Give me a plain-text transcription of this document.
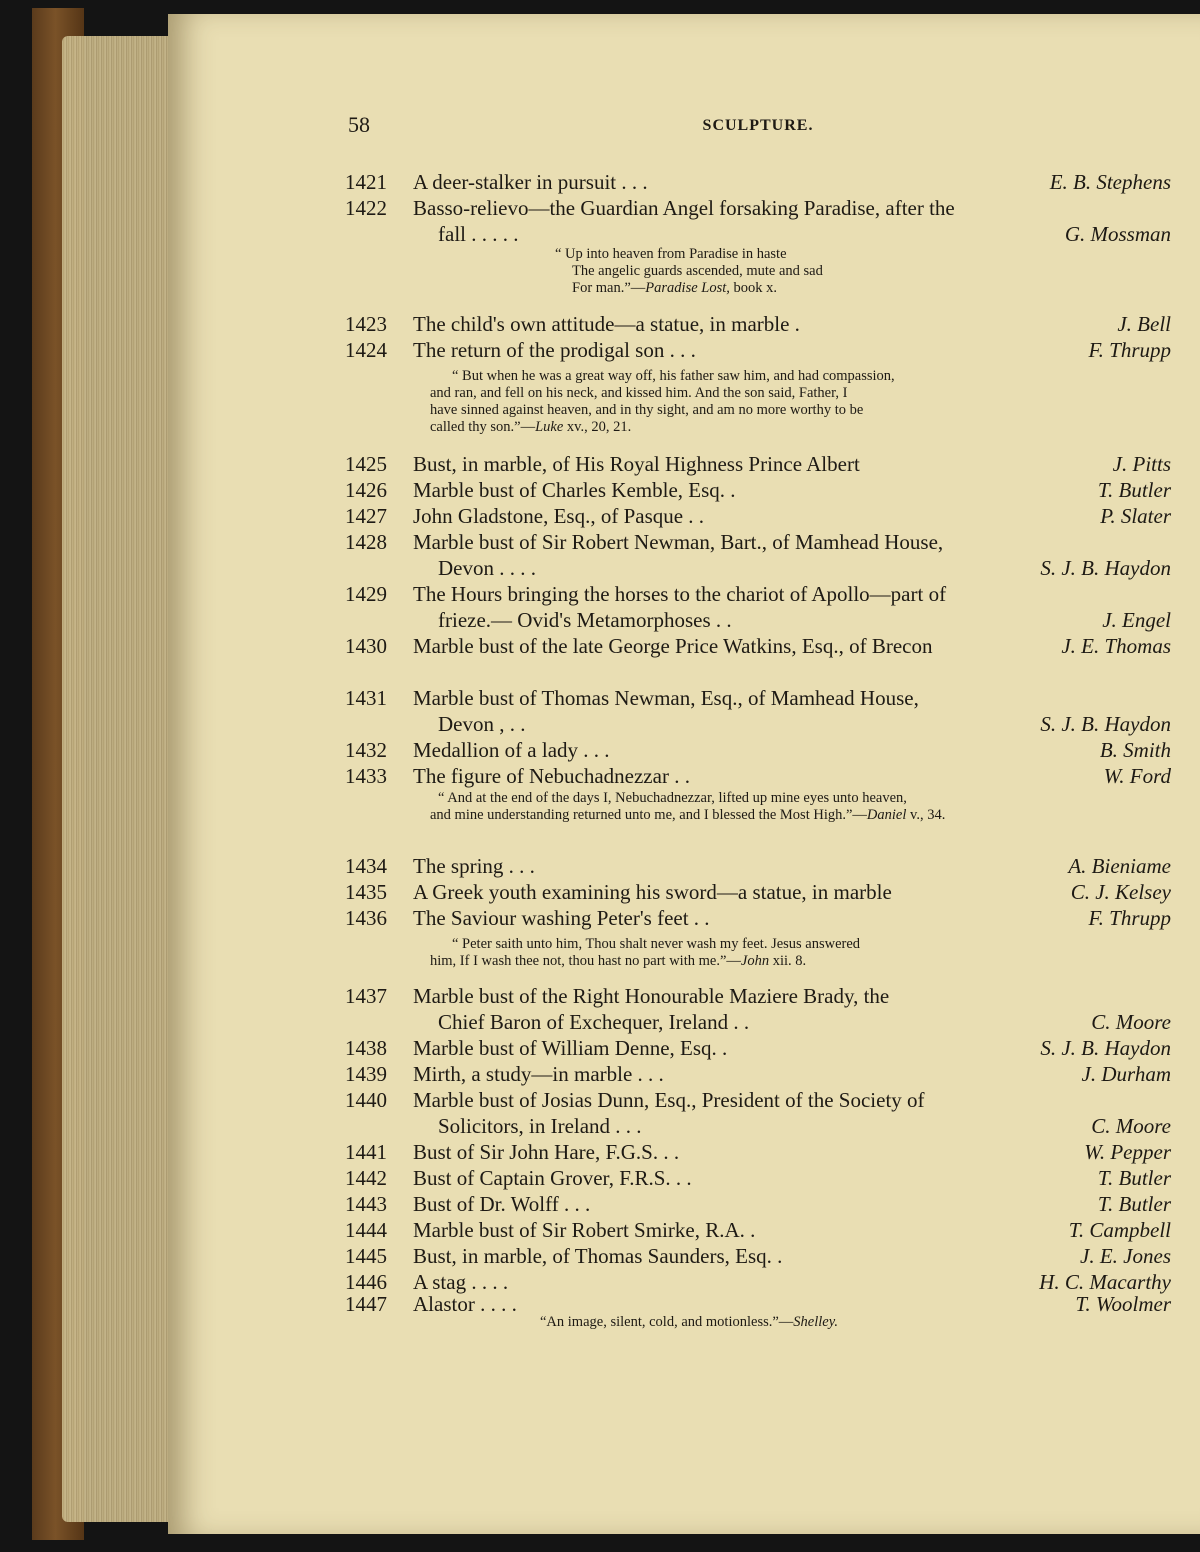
58	SCULPTURE.
1421 A deer-stalker in pursuit . . .	E. B. Stephens
1422 Basso-relievo—the Guardian Angel forsaking Paradise, after the
fall . . . . .	G. Mossman
1423 The child's own attitude—a statue, in marble .	J. Bell
1424 The return of the prodigal son . . .	F. Thrupp
1425 Bust, in marble, of His Royal Highness Prince Albert	J. Pitts
1426 Marble bust of Charles Kemble, Esq. .	T. Butler
1427 John Gladstone, Esq., of Pasque . .	P. Slater
1428 Marble bust of Sir Robert Newman, Bart., of Mamhead House,
Devon . . . .	S. J. B. Haydon
1429 The Hours bringing the horses to the chariot of Apollo—part of
frieze.— Ovid's Metamorphoses . .	J. Engel
1430 Marble bust of the late George Price Watkins, Esq., of Brecon	J. E. Thomas
1431 Marble bust of Thomas Newman, Esq., of Mamhead House,
Devon , . .	S. J. B. Haydon
1432 Medallion of a lady . . .	B. Smith
1433 The figure of Nebuchadnezzar . .	W. Ford
1434 The spring . . .	A. Bieniame
1435 A Greek youth examining his sword—a statue, in marble	C. J. Kelsey
1436 The Saviour washing Peter's feet . .	F. Thrupp
1437 Marble bust of the Right Honourable Maziere Brady, the
Chief Baron of Exchequer, Ireland . .	C. Moore
1438 Marble bust of William Denne, Esq. .	S. J. B. Haydon
1439 Mirth, a study—in marble . . .	J. Durham
1440 Marble bust of Josias Dunn, Esq., President of the Society of
Solicitors, in Ireland . . .	C. Moore
1441 Bust of Sir John Hare, F.G.S. . .	W. Pepper
1442 Bust of Captain Grover, F.R.S. . .	T. Butler
1443 Bust of Dr. Wolff . . .	T. Butler
1444 Marble bust of Sir Robert Smirke, R.A. .	T. Campbell
1445 Bust, in marble, of Thomas Saunders, Esq. .	J. E. Jones
1446 A stag . . . .	H. C. Macarthy
1447 Alastor . . . .	T. Woolmer
“ Up into heaven from Paradise in haste
The angelic guards ascended, mute and sad
For man.”—Paradise Lost, book x.
“ But when he was a great way off, his father saw him, and had compassion,
and ran, and fell on his neck, and kissed him. And the son said, Father, I
have sinned against heaven, and in thy sight, and am no more worthy to be
called thy son.”—Luke xv., 20, 21.
“ And at the end of the days I, Nebuchadnezzar, lifted up mine eyes unto heaven,
and mine understanding returned unto me, and I blessed the Most High.”—Daniel v., 34.
“ Peter saith unto him, Thou shalt never wash my feet. Jesus answered
him, If I wash thee not, thou hast no part with me.”—John xii. 8.
“An image, silent, cold, and motionless.”—Shelley.
